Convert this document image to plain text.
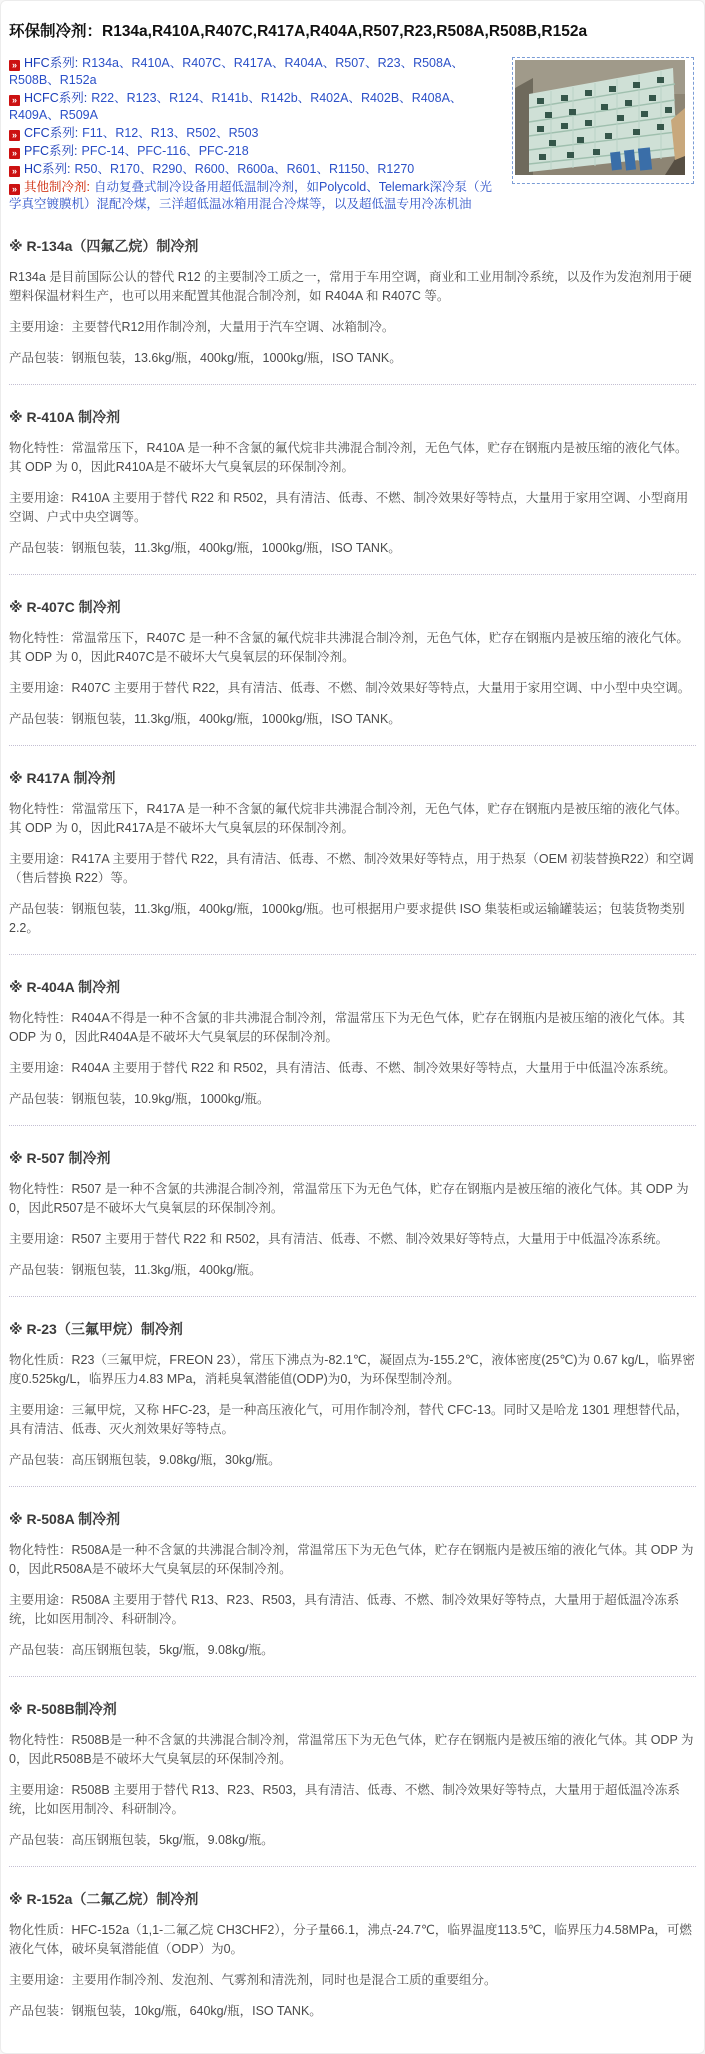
环保制冷剂：R134a,R410A,R407C,R417A,R404A,R507,R23,R508A,R508B,R152a
» HFC系列: R134a、R410A、R407C、R417A、R404A、R507、R23、R508A、R508B、R152a
» HCFC系列: R22、R123、R124、R141b、R142b、R402A、R402B、R408A、R409A、R509A
» CFC系列: F11、R12、R13、R502、R503
» PFC系列: PFC-14、PFC-116、PFC-218
» HC系列: R50、R170、R290、R600、R600a、R601、R1150、R1270
» 其他制冷剂: 自动复叠式制冷设备用超低温制冷剂，如Polycold、Telemark深冷泵（光学真空镀膜机）混配冷煤，三洋超低温冰箱用混合冷煤等，以及超低温专用冷冻机油
※ R-134a（四氟乙烷）制冷剂

R134a 是目前国际公认的替代 R12 的主要制冷工质之一，常用于车用空调，商业和工业用制冷系统，以及作为发泡剂用于硬塑料保温材料生产，也可以用来配置其他混合制冷剂，如 R404A 和 R407C 等。

主要用途：主要替代R12用作制冷剂，大量用于汽车空调、冰箱制冷。

产品包装：钢瓶包装，13.6kg/瓶，400kg/瓶，1000kg/瓶，ISO TANK。

※ R-410A 制冷剂

物化特性：常温常压下，R410A 是一种不含氯的氟代烷非共沸混合制冷剂，无色气体，贮存在钢瓶内是被压缩的液化气体。其 ODP 为 0，因此R410A是不破坏大气臭氧层的环保制冷剂。

主要用途：R410A 主要用于替代 R22 和 R502，具有清洁、低毒、不燃、制冷效果好等特点，大量用于家用空调、小型商用空调、户式中央空调等。

产品包装：钢瓶包装，11.3kg/瓶，400kg/瓶，1000kg/瓶，ISO TANK。

※ R-407C 制冷剂

物化特性：常温常压下，R407C 是一种不含氯的氟代烷非共沸混合制冷剂，无色气体，贮存在钢瓶内是被压缩的液化气体。其 ODP 为 0，因此R407C是不破坏大气臭氧层的环保制冷剂。

主要用途：R407C 主要用于替代 R22，具有清洁、低毒、不燃、制冷效果好等特点，大量用于家用空调、中小型中央空调。

产品包装：钢瓶包装，11.3kg/瓶，400kg/瓶，1000kg/瓶，ISO TANK。

※ R417A 制冷剂

物化特性：常温常压下，R417A 是一种不含氯的氟代烷非共沸混合制冷剂，无色气体，贮存在钢瓶内是被压缩的液化气体。其 ODP 为 0，因此R417A是不破坏大气臭氧层的环保制冷剂。

主要用途：R417A 主要用于替代 R22，具有清洁、低毒、不燃、制冷效果好等特点，用于热泵（OEM 初装替换R22）和空调（售后替换 R22）等。

产品包装：钢瓶包装，11.3kg/瓶，400kg/瓶，1000kg/瓶。也可根据用户要求提供 ISO 集装柜或运输罐装运；包装货物类别 2.2。

※ R-404A 制冷剂

物化特性：R404A不得是一种不含氯的非共沸混合制冷剂，常温常压下为无色气体，贮存在钢瓶内是被压缩的液化气体。其 ODP 为 0，因此R404A是不破坏大气臭氧层的环保制冷剂。

主要用途：R404A 主要用于替代 R22 和 R502，具有清洁、低毒、不燃、制冷效果好等特点，大量用于中低温冷冻系统。

产品包装：钢瓶包装，10.9kg/瓶，1000kg/瓶。

※ R-507 制冷剂

物化特性：R507 是一种不含氯的共沸混合制冷剂，常温常压下为无色气体，贮存在钢瓶内是被压缩的液化气体。其 ODP 为 0，因此R507是不破坏大气臭氧层的环保制冷剂。

主要用途：R507 主要用于替代 R22 和 R502，具有清洁、低毒、不燃、制冷效果好等特点，大量用于中低温冷冻系统。

产品包装：钢瓶包装，11.3kg/瓶，400kg/瓶。

※ R-23（三氟甲烷）制冷剂

物化性质：R23（三氟甲烷，FREON 23），常压下沸点为-82.1℃，凝固点为-155.2℃，液体密度(25℃)为 0.67 kg/L，临界密度0.525kg/L，临界压力4.83 MPa，消耗臭氧潜能值(ODP)为0，为环保型制冷剂。

主要用途：三氟甲烷，又称 HFC-23，是一种高压液化气，可用作制冷剂，替代 CFC-13。同时又是哈龙 1301 理想替代品，具有清洁、低毒、灭火剂效果好等特点。

产品包装：高压钢瓶包装，9.08kg/瓶，30kg/瓶。

※ R-508A 制冷剂

物化特性：R508A是一种不含氯的共沸混合制冷剂，常温常压下为无色气体，贮存在钢瓶内是被压缩的液化气体。其 ODP 为 0，因此R508A是不破坏大气臭氧层的环保制冷剂。

主要用途：R508A 主要用于替代 R13、R23、R503，具有清洁、低毒、不燃、制冷效果好等特点，大量用于超低温冷冻系统，比如医用制冷、科研制冷。

产品包装：高压钢瓶包装，5kg/瓶，9.08kg/瓶。

※ R-508B制冷剂

物化特性：R508B是一种不含氯的共沸混合制冷剂，常温常压下为无色气体，贮存在钢瓶内是被压缩的液化气体。其 ODP 为 0，因此R508B是不破坏大气臭氧层的环保制冷剂。

主要用途：R508B 主要用于替代 R13、R23、R503，具有清洁、低毒、不燃、制冷效果好等特点，大量用于超低温冷冻系统，比如医用制冷、科研制冷。

产品包装：高压钢瓶包装，5kg/瓶，9.08kg/瓶。

※ R-152a（二氟乙烷）制冷剂

物化性质：HFC-152a（1,1-二氟乙烷 CH3CHF2），分子量66.1，沸点-24.7℃，临界温度113.5℃，临界压力4.58MPa，可燃液化气体，破坏臭氧潜能值（ODP）为0。

主要用途：主要用作制冷剂、发泡剂、气雾剂和清洗剂，同时也是混合工质的重要组分。

产品包装：钢瓶包装，10kg/瓶，640kg/瓶，ISO TANK。
